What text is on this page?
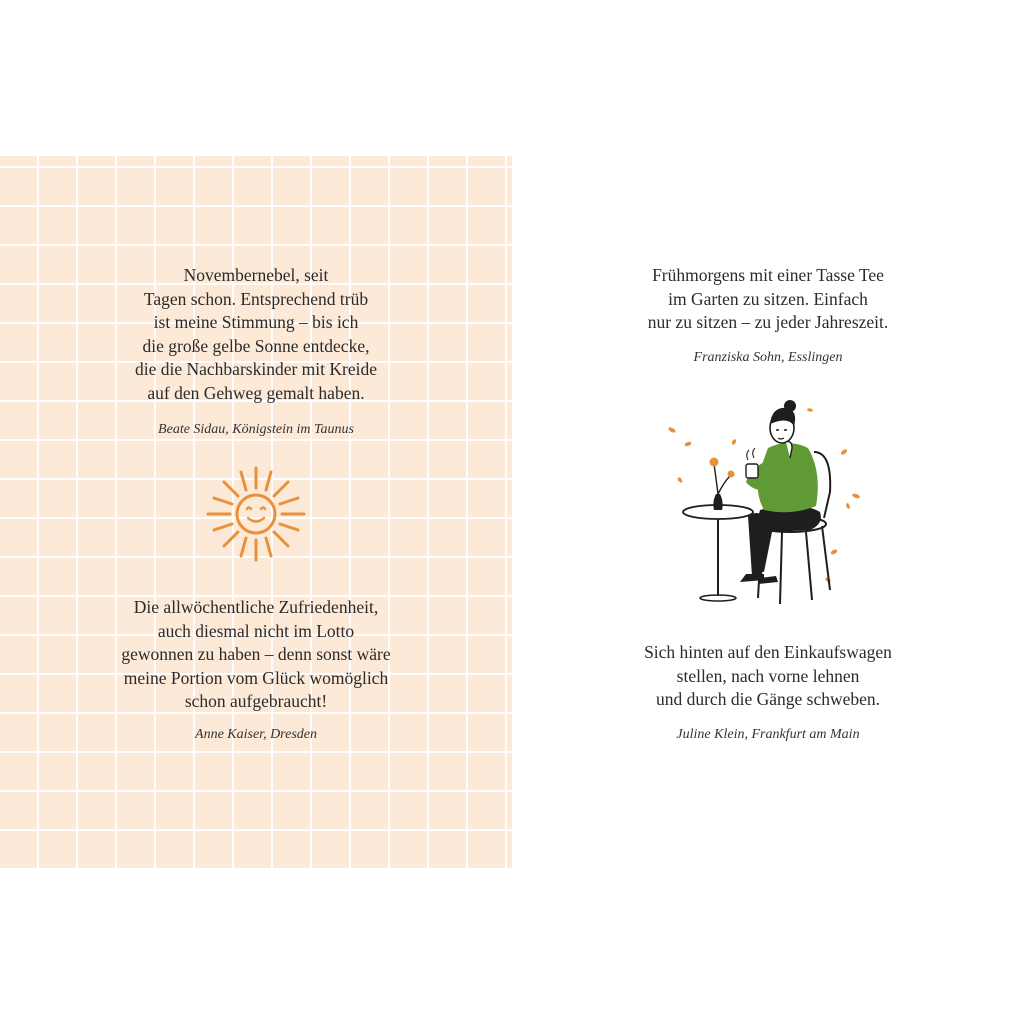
Novembernebel, seit
Tagen schon. Entsprechend trüb
ist meine Stimmung – bis ich
die große gelbe Sonne entdecke,
die die Nachbarskinder mit Kreide
auf den Gehweg gemalt haben.
Beate Sidau, Königstein im Taunus
Die allwöchentliche Zufriedenheit,
auch diesmal nicht im Lotto
gewonnen zu haben – denn sonst wäre
meine Portion vom Glück womöglich
schon aufgebraucht!
Anne Kaiser, Dresden
Frühmorgens mit einer Tasse Tee
im Garten zu sitzen. Einfach
nur zu sitzen – zu jeder Jahreszeit.
Franziska Sohn, Esslingen
Sich hinten auf den Einkaufswagen
stellen, nach vorne lehnen
und durch die Gänge schweben.
Juline Klein, Frankfurt am Main
